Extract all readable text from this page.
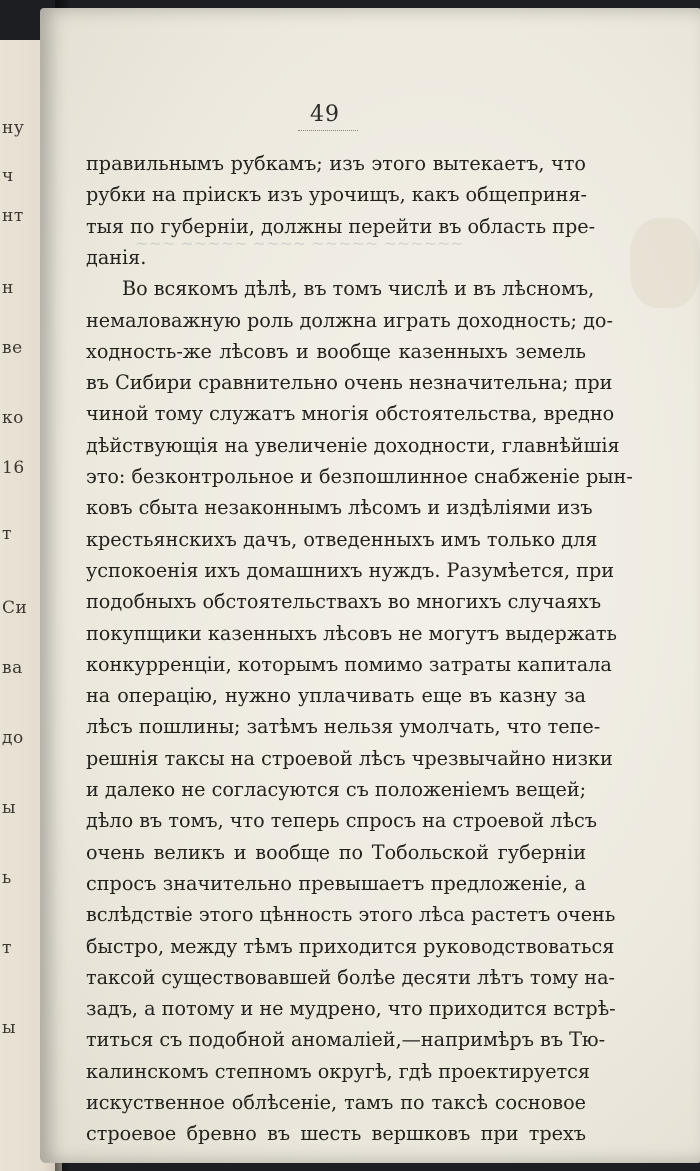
ну
ч
нт
н
ве
ко
16
т
Си
вa
до
ы
ь
т
ы
~~~ ~~~~~ ~~~~ ~~~~~ ~~~~~~
49
правильнымъ рубкамъ; изъ этого вытекаетъ, что
рубки на прiискъ изъ урочищъ, какъ общеприня-
тыя по губернiи, должны перейти въ область пре-
данiя.
Во всякомъ дѣлѣ, въ томъ числѣ и въ лѣсномъ,
немаловажную роль должна играть доходность; до-
ходность-же лѣсовъ и вообще казенныхъ земель
въ Сибири сравнительно очень незначительна; при
чиной тому служатъ многiя обстоятельства, вредно
дѣйствующiя на увеличенiе доходности, главнѣйшiя
это: безконтрольное и безпошлинное снабженiе рын-
ковъ сбыта незаконнымъ лѣсомъ и издѣлiями изъ
крестьянскихъ дачъ, отведенныхъ имъ только для
успокоенiя ихъ домашнихъ нуждъ. Разумѣется, при
подобныхъ обстоятельствахъ во многихъ случаяхъ
покупщики казенныхъ лѣсовъ не могутъ выдержать
конкурренцiи, которымъ помимо затраты капитала
на операцiю, нужно уплачивать еще въ казну за
лѣсъ пошлины; затѣмъ нельзя умолчать, что тепе-
решнiя таксы на строевой лѣсъ чрезвычайно низки
и далеко не согласуются съ положенiемъ вещей;
дѣло въ томъ, что теперь спросъ на строевой лѣсъ
очень великъ и вообще по Тобольской губернiи
спросъ значительно превышаетъ предложенiе, а
вслѣдствiе этого цѣнность этого лѣса растетъ очень
быстро, между тѣмъ приходится руководствоваться
таксой существовавшей болѣе десяти лѣтъ тому на-
задъ, а потому и не мудрено, что приходится встрѣ-
титься съ подобной аномалiей,—напримѣръ въ Тю-
калинскомъ степномъ округѣ, гдѣ проектируется
искуственное облѣсенiе, тамъ по таксѣ сосновое
строевое бревно въ шесть вершковъ при трехъ
